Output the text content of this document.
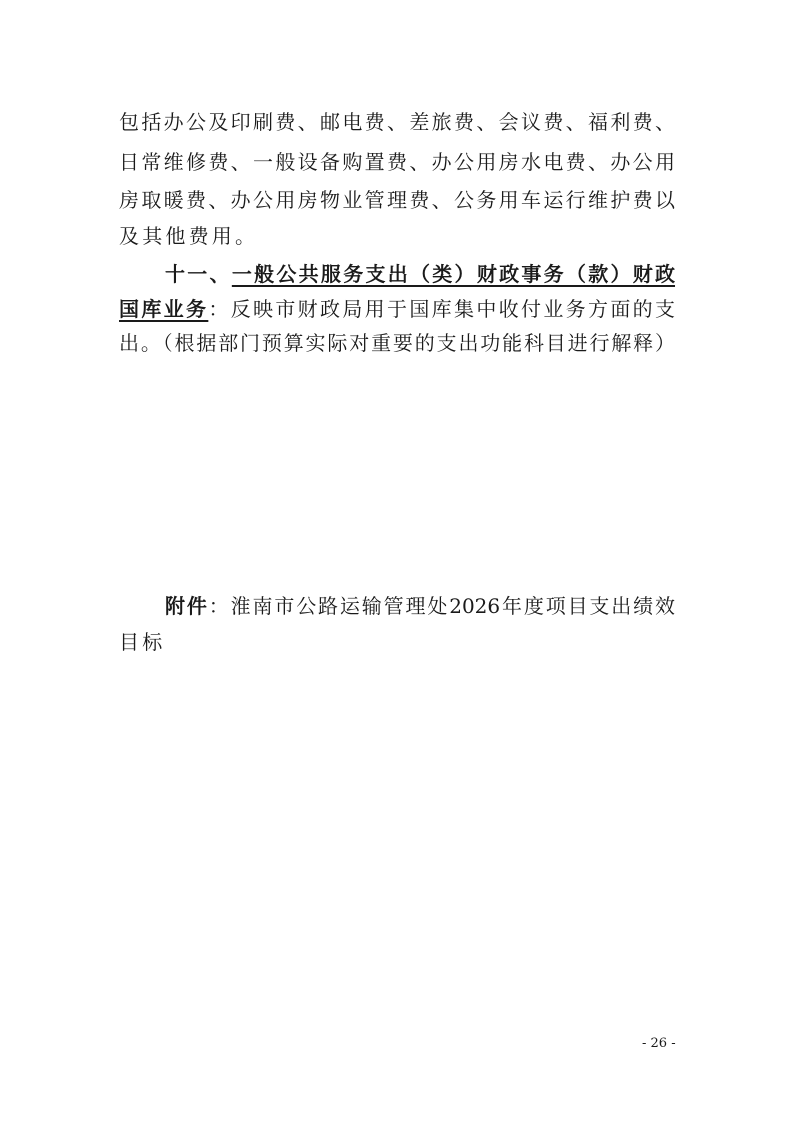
包括办公及印刷费、邮电费、差旅费、会议费、福利费、
日常维修费、一般设备购置费、办公用房水电费、办公用
房取暖费、办公用房物业管理费、公务用车运行维护费以
及其他费用。
十一、一般公共服务支出（类）财政事务（款）财政
国库业务：反映市财政局用于国库集中收付业务方面的支
出。（根据部门预算实际对重要的支出功能科目进行解释）
附件：淮南市公路运输管理处2026年度项目支出绩效
目标
- 26 -
